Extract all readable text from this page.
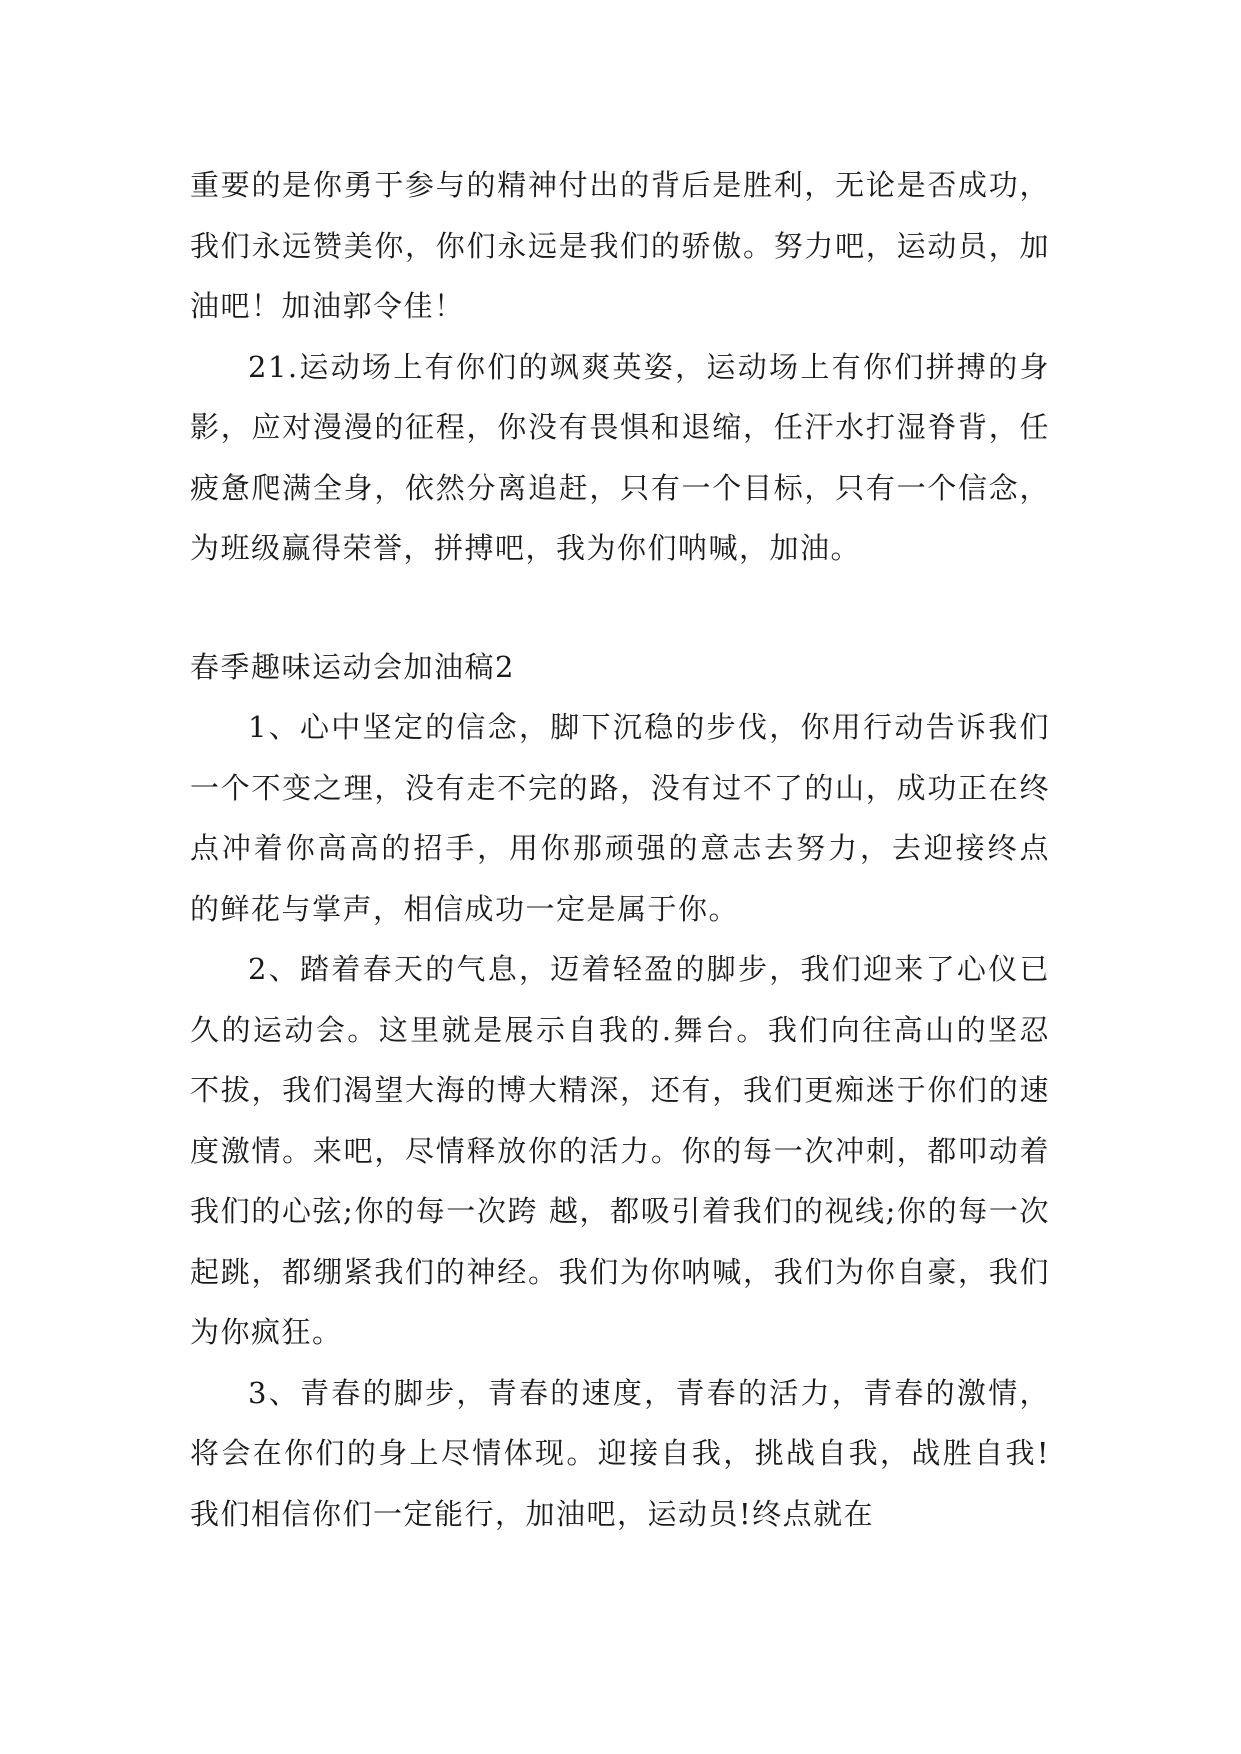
重要的是你勇于参与的精神付出的背后是胜利，无论是否成功，我们永远赞美你，你们永远是我们的骄傲。努力吧，运动员，加油吧！加油郭令佳！

21.运动场上有你们的飒爽英姿，运动场上有你们拼搏的身影，应对漫漫的征程，你没有畏惧和退缩，任汗水打湿脊背，任疲惫爬满全身，依然分离追赶，只有一个目标，只有一个信念，为班级赢得荣誉，拼搏吧，我为你们呐喊，加油。

春季趣味运动会加油稿2

1、心中坚定的信念，脚下沉稳的步伐，你用行动告诉我们一个不变之理，没有走不完的路，没有过不了的山，成功正在终点冲着你高高的招手，用你那顽强的意志去努力，去迎接终点 的鲜花与掌声，相信成功一定是属于你。

2、踏着春天的气息，迈着轻盈的脚步，我们迎来了心仪已久的运动会。这里就是展示自我的.舞台。我们向往高山的坚忍不拔，我们渴望大海的博大精深，还有，我们更痴迷于你们的速 度激情。来吧，尽情释放你的活力。你的每一次冲刺，都叩动着我们的心弦;你的每一次跨 越，都吸引着我们的视线;你的每一次起跳，都绷紧我们的神经。我们为你呐喊，我们为你自豪，我们为你疯狂。

3、青春的脚步，青春的速度，青春的活力，青春的激情，将会在你们的身上尽情体现。迎接自我，挑战自我，战胜自我!我们相信你们一定能行，加油吧，运动员!终点就在
